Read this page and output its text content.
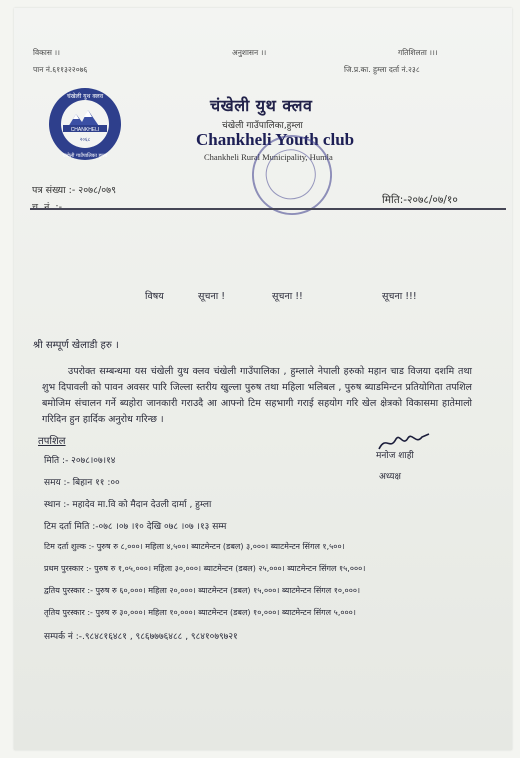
विकास ।।	अनुशासन ।।	गतिशिलता ।।।
पान नं.६११३२२०७६	जि.प्र.का. हुम्ला दर्ता नं.२३८
CHANKHELI
२०६८
चंखेली युथ क्लव
चंखेली गाउँपालिका हुम्ला
चंखेली युथ क्लव
चंखेली गाउँपालिका,हुम्ला
Chankheli Youth club
Chankheli Rural Municipality, Humla
पत्र संख्या :- २०७८/०७९
मिति:-२०७८/०७/१०
विषय	सूचना !	सूचना !!	सूचना !!!
श्री सम्पूर्ण खेलाडी हरु ।
उपरोक्त सम्बन्धमा यस चंखेली युथ क्लव चंखेली गाउँपालिका , हुम्लाले नेपाली हरुको महान चाड विजया दशमि तथा शुभ दिपावली को पावन अवसर पारि जिल्ला स्तरीय खुल्ला पुरुष तथा महिला भलिबल , पुरुष ब्याडमिन्टन प्रतियोगिता तपशिल बमोजिम संचालन गर्ने ब्यहोरा जानकारी गराउदै आ आफ्नो टिम सहभागी गराई सहयोग गरि खेल क्षेत्रको विकासमा हातेमालो गरिदिन हुन हार्दिक अनुरोध गरिन्छ ।
मनोज शाही
अध्यक्ष
तपशिल
मिति :- २०७८।०७।१४
समय :- बिहान ११ :००
स्थान :- महादेव मा.वि को मैदान देउली दार्मा , हुम्ला
टिम दर्ता मिति :-०७८ ।०७ ।१० देखि ०७८ ।०७ ।१३ सम्म
टिम दर्ता शुल्क :- पुरुष रु ८,०००। महिला ४,५००। ब्याटमेन्टन (डबल) ३,०००। ब्याटमेन्टन सिंगल १,५००।
प्रथम पुरस्कार :- पुरुष रु १,०५,०००। महिला ३०,०००। ब्याटमेन्टन (डबल) २५,०००। ब्याटमेन्टन सिंगल १५,०००।
द्वतिय पुरस्कार :- पुरुष रु ६०,०००। महिला २०,०००। ब्याटमेन्टन (डबल) १५,०००। ब्याटमेन्टन सिंगल १०,०००।
तृतिय पुरस्कार :- पुरुष रु ३०,०००। महिला १०,०००। ब्याटमेन्टन (डबल) १०,०००। ब्याटमेन्टन सिंगल ५,०००।
सम्पर्क नं :-.९८४८१६४८१ , ९८६७७७६४८८ , ९८४१०७९७२१
